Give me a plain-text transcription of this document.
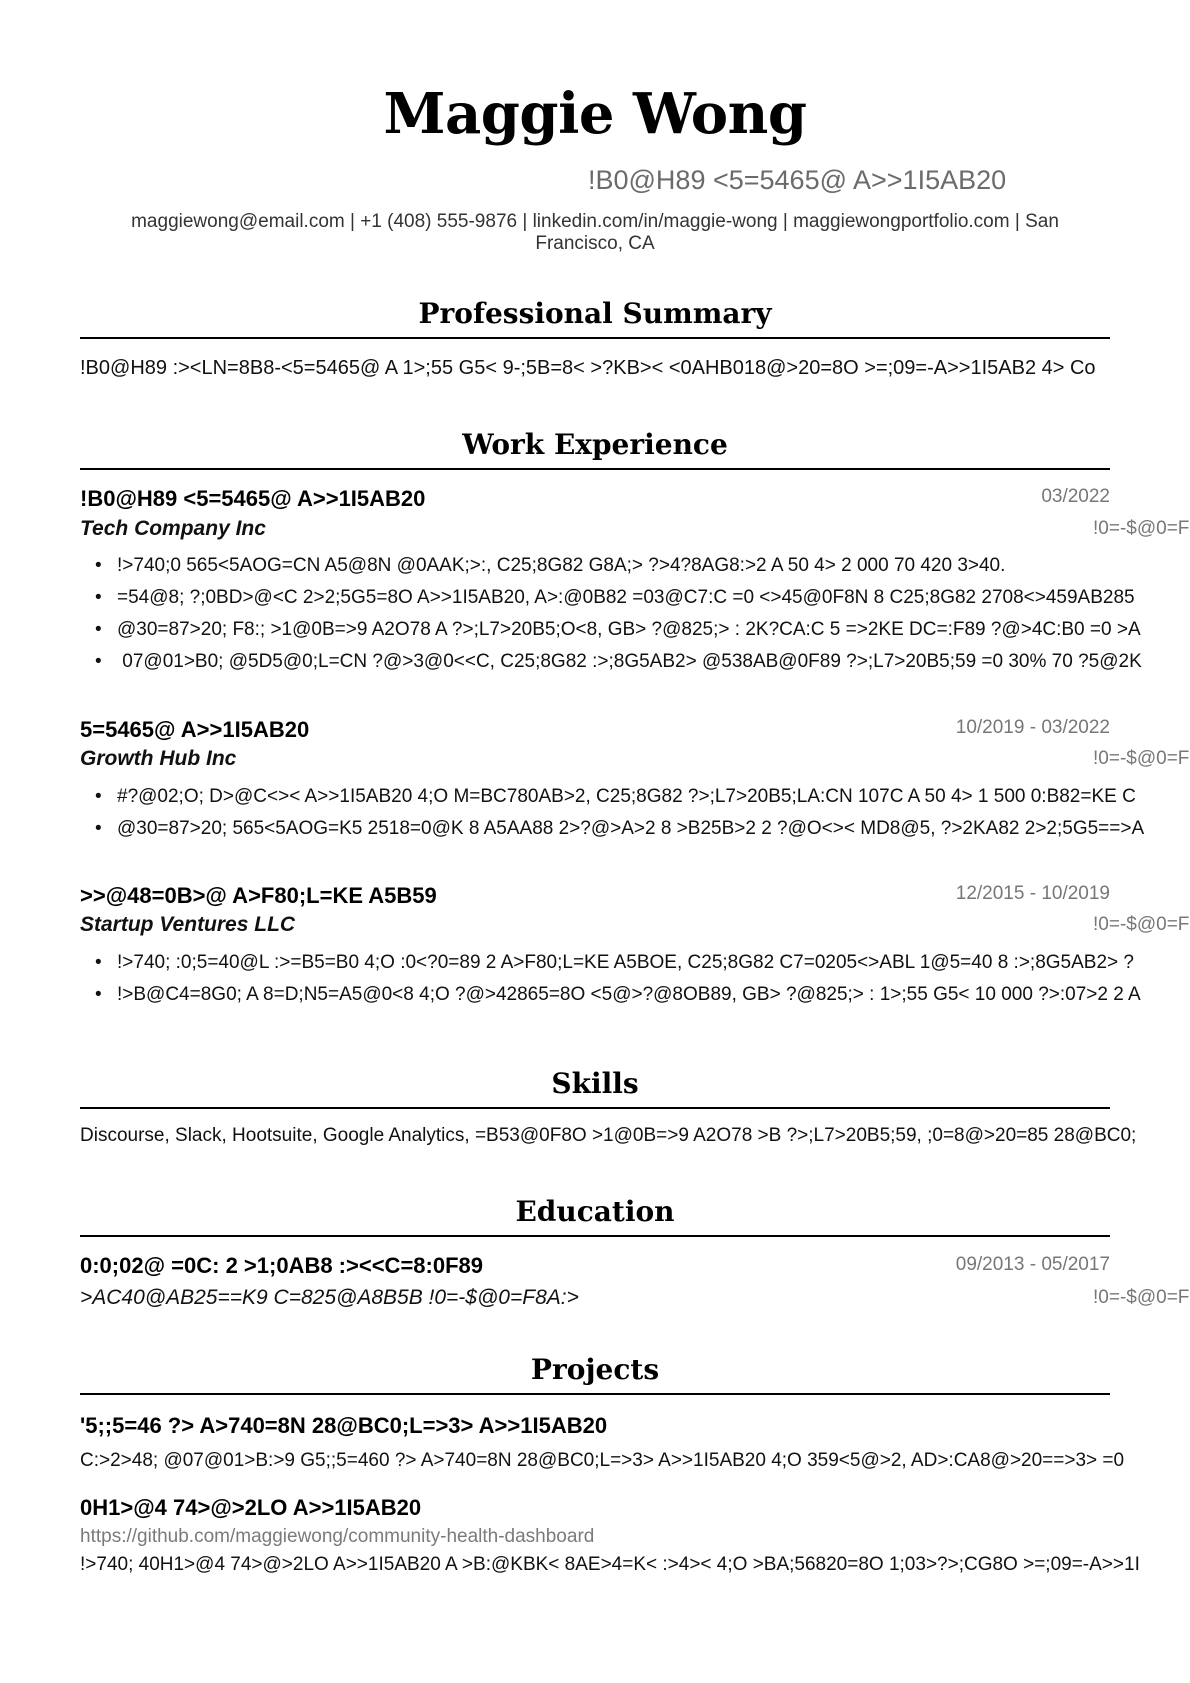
Maggie Wong
!B0@H89 <5=5465@ A>>1I5AB20
maggiewong@email.com | +1 (408) 555-9876 | linkedin.com/in/maggie-wong | maggiewongportfolio.com | San Francisco, CA
Professional Summary
!B0@H89 :><LN=8B8-<5=5465@ A 1>;55 G5< 9-;5B=8< >?KB>< <0AHB018@>20=8O >=;09=-A>>1I5AB2 4> Co
Work Experience
!B0@H89 <5=5465@ A>>1I5AB20	03/2022
Tech Company Inc	!0=-$@0=F
• !>740;0 565<5AOG=CN A5@8N @0AAK;>:, C25;8G82 G8A;> ?>4?8AG8:>2 A 50 4> 2 000 70 420 3>40.
• =54@8; ?;0BD>@<C 2>2;5G5=8O A>>1I5AB20, A>:@0B82 =03@C7:C =0 <>45@0F8N 8 C25;8G82 2708<>459AB285
• @30=87>20; F8:; >1@0B=>9 A2O78 A ?>;L7>20B5;O<8, GB> ?@825;> : 2K?CA:C 5 =>2KE DC=:F89 ?@>4C:B0 =0 >A
• 07@01>B0; @5D5@0;L=CN ?@>3@0<<C, C25;8G82 :>;8G5AB2> @538AB@0F89 ?>;L7>20B5;59 =0 30% 70 ?5@2K
5=5465@ A>>1I5AB20	10/2019 - 03/2022
Growth Hub Inc	!0=-$@0=F
• #?@02;O; D>@C<>< A>>1I5AB20 4;O M=BC780AB>2, C25;8G82 ?>;L7>20B5;LA:CN 107C A 50 4> 1 500 0:B82=KE C
• @30=87>20; 565<5AOG=K5 2518=0@K 8 A5AA88 2>?@>A>2 8 >B25B>2 2 ?@O<>< MD8@5, ?>2KA82 2>2;5G5==>A
>>@48=0B>@ A>F80;L=KE A5B59	12/2015 - 10/2019
Startup Ventures LLC	!0=-$@0=F
• !>740; :0;5=40@L :>=B5=B0 4;O :0<?0=89 2 A>F80;L=KE A5BOE, C25;8G82 C7=0205<>ABL 1@5=40 8 :>;8G5AB2> ?
• !>B@C4=8G0; A 8=D;N5=A5@0<8 4;O ?@>42865=8O <5@>?@8OB89, GB> ?@825;> : 1>;55 G5< 10 000 ?>:07>2 2 A
Skills
Discourse, Slack, Hootsuite, Google Analytics, =B53@0F8O >1@0B=>9 A2O78 >B ?>;L7>20B5;59, ;0=8@>20=85 28@BC0;
Education
0:0;02@ =0C: 2 >1;0AB8 :><<C=8:0F89	09/2013 - 05/2017
>AC40@AB25==K9 C=825@A8B5B !0=-$@0=F8A:>	!0=-$@0=F
Projects
'5;;5=46 ?> A>740=8N 28@BC0;L=>3> A>>1I5AB20
C:>2>48; @07@01>B:>9 G5;;5=460 ?> A>740=8N 28@BC0;L=>3> A>>1I5AB20 4;O 359<5@>2, AD>:CA8@>20==>3> =0
0H1>@4 74>@>2LO A>>1I5AB20
https://github.com/maggiewong/community-health-dashboard
!>740; 40H1>@4 74>@>2LO A>>1I5AB20 A >B:@KBK< 8AE>4=K< :>4>< 4;O >BA;56820=8O 1;03>?>;CG8O >=;09=-A>>1I
